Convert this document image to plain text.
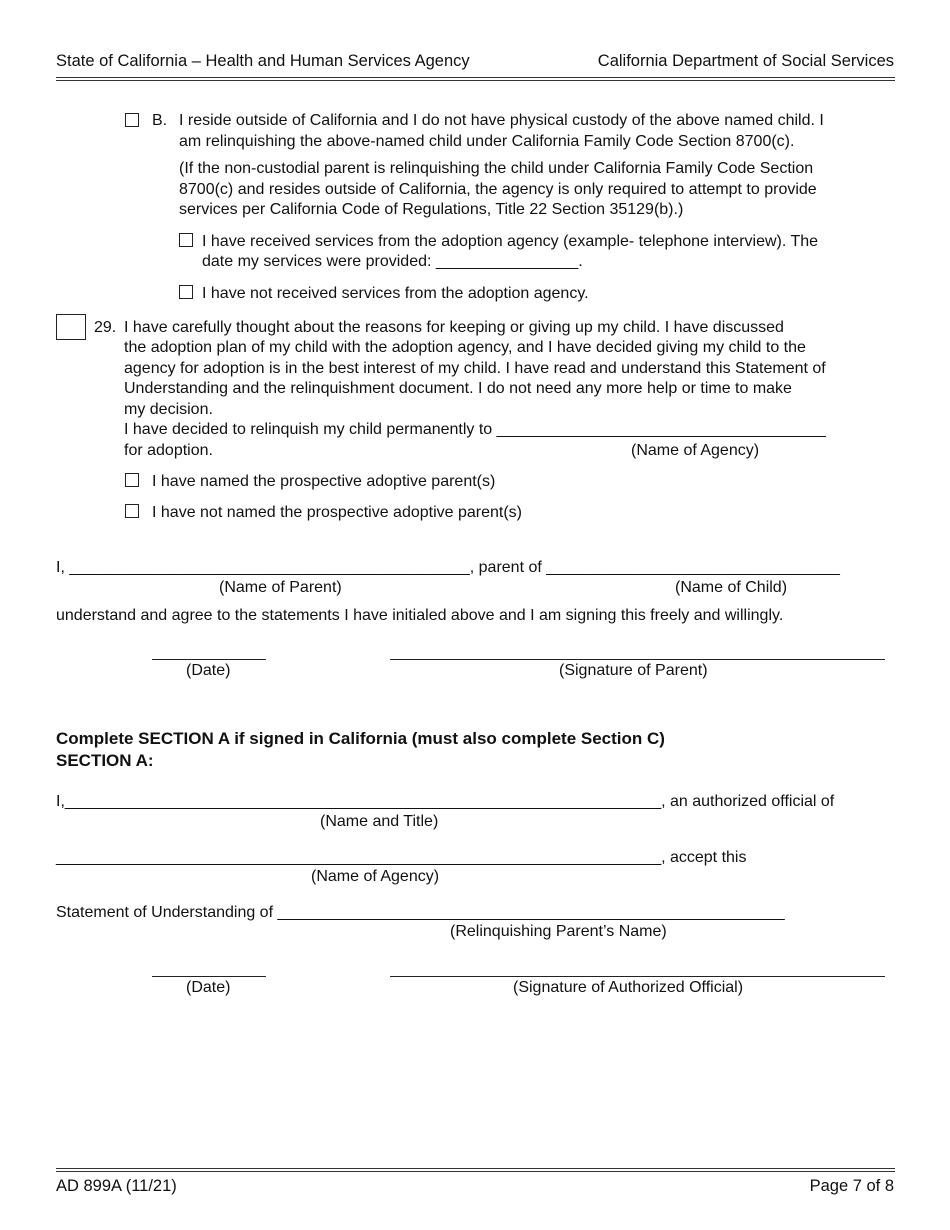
State of California – Health and Human Services Agency	California Department of Social Services
B. I reside outside of California and I do not have physical custody of the above named child. I
am relinquishing the above-named child under California Family Code Section 8700(c).
(If the non-custodial parent is relinquishing the child under California Family Code Section
8700(c) and resides outside of California, the agency is only required to attempt to provide
services per California Code of Regulations, Title 22 Section 35129(b).)
I have received services from the adoption agency (example- telephone interview). The
date my services were provided: ________________.
I have not received services from the adoption agency.
29. I have carefully thought about the reasons for keeping or giving up my child. I have discussed
the adoption plan of my child with the adoption agency, and I have decided giving my child to the
agency for adoption is in the best interest of my child. I have read and understand this Statement of
Understanding and the relinquishment document. I do not need any more help or time to make
my decision.
I have decided to relinquish my child permanently to _____________________________________
for adoption.	(Name of Agency)
I have named the prospective adoptive parent(s)
I have not named the prospective adoptive parent(s)
I, _____________________________________________, parent of _________________________________
(Name of Parent)	(Name of Child)
understand and agree to the statements I have initialed above and I am signing this freely and willingly.
(Date)	(Signature of Parent)
Complete SECTION A if signed in California (must also complete Section C)
SECTION A:
I,___________________________________________________________________, an authorized official of
(Name and Title)
____________________________________________________________________, accept this
(Name of Agency)
Statement of Understanding of _________________________________________________________
(Relinquishing Parent’s Name)
(Date)	(Signature of Authorized Official)
AD 899A (11/21)	Page 7 of 8
